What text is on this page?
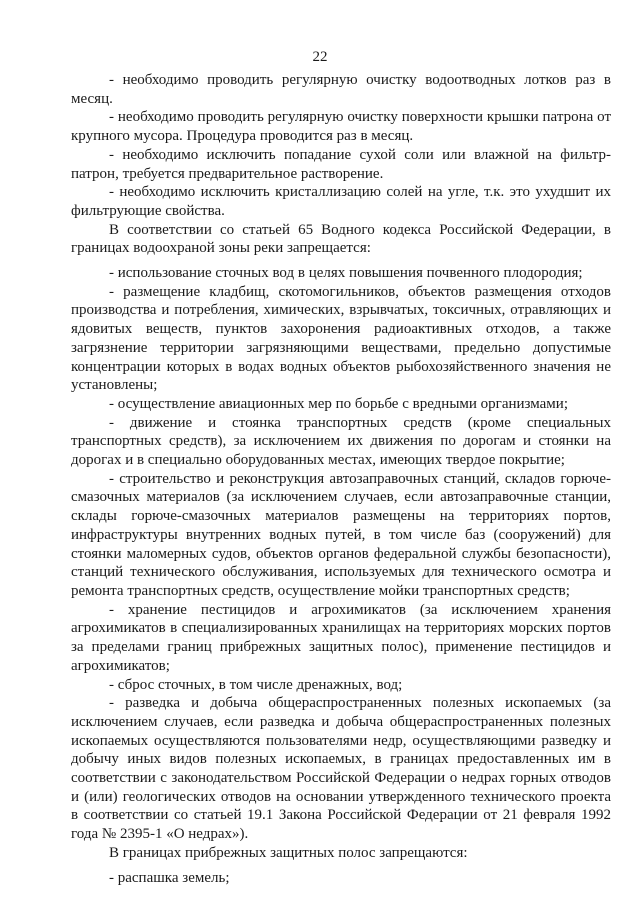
22

- необходимо проводить регулярную очистку водоотводных лотков раз в месяц.

- необходимо проводить регулярную очистку поверхности крышки патрона от крупного мусора. Процедура проводится раз в месяц.

- необходимо исключить попадание сухой соли или влажной на фильтр-патрон, требуется предварительное растворение.

- необходимо исключить кристаллизацию солей на угле, т.к. это ухудшит их фильтрующие свойства.

В соответствии со статьей 65 Водного кодекса Российской Федерации, в границах водоохраной зоны реки запрещается:

- использование сточных вод в целях повышения почвенного плодородия;

- размещение кладбищ, скотомогильников, объектов размещения отходов производства и потребления, химических, взрывчатых, токсичных, отравляющих и ядовитых веществ, пунктов захоронения радиоактивных отходов, а также загрязнение территории загрязняющими веществами, предельно допустимые концентрации которых в водах водных объектов рыбохозяйственного значения не установлены;

- осуществление авиационных мер по борьбе с вредными организмами;

- движение и стоянка транспортных средств (кроме специальных транспортных средств), за исключением их движения по дорогам и стоянки на дорогах и в специально оборудованных местах, имеющих твердое покрытие;

- строительство и реконструкция автозаправочных станций, складов горюче-смазочных материалов (за исключением случаев, если автозаправочные станции, склады горюче-смазочных материалов размещены на территориях портов, инфраструктуры внутренних водных путей, в том числе баз (сооружений) для стоянки маломерных судов, объектов органов федеральной службы безопасности), станций технического обслуживания, используемых для технического осмотра и ремонта транспортных средств, осуществление мойки транспортных средств;

- хранение пестицидов и агрохимикатов (за исключением хранения агрохимикатов в специализированных хранилищах на территориях морских портов за пределами границ прибрежных защитных полос), применение пестицидов и агрохимикатов;

- сброс сточных, в том числе дренажных, вод;

- разведка и добыча общераспространенных полезных ископаемых (за исключением случаев, если разведка и добыча общераспространенных полезных ископаемых осуществляются пользователями недр, осуществляющими разведку и добычу иных видов полезных ископаемых, в границах предоставленных им в соответствии с законодательством Российской Федерации о недрах горных отводов и (или) геологических отводов на основании утвержденного технического проекта в соответствии со статьей 19.1 Закона Российской Федерации от 21 февраля 1992 года № 2395-1 «О недрах»).

В границах прибрежных защитных полос запрещаются:

- распашка земель;
